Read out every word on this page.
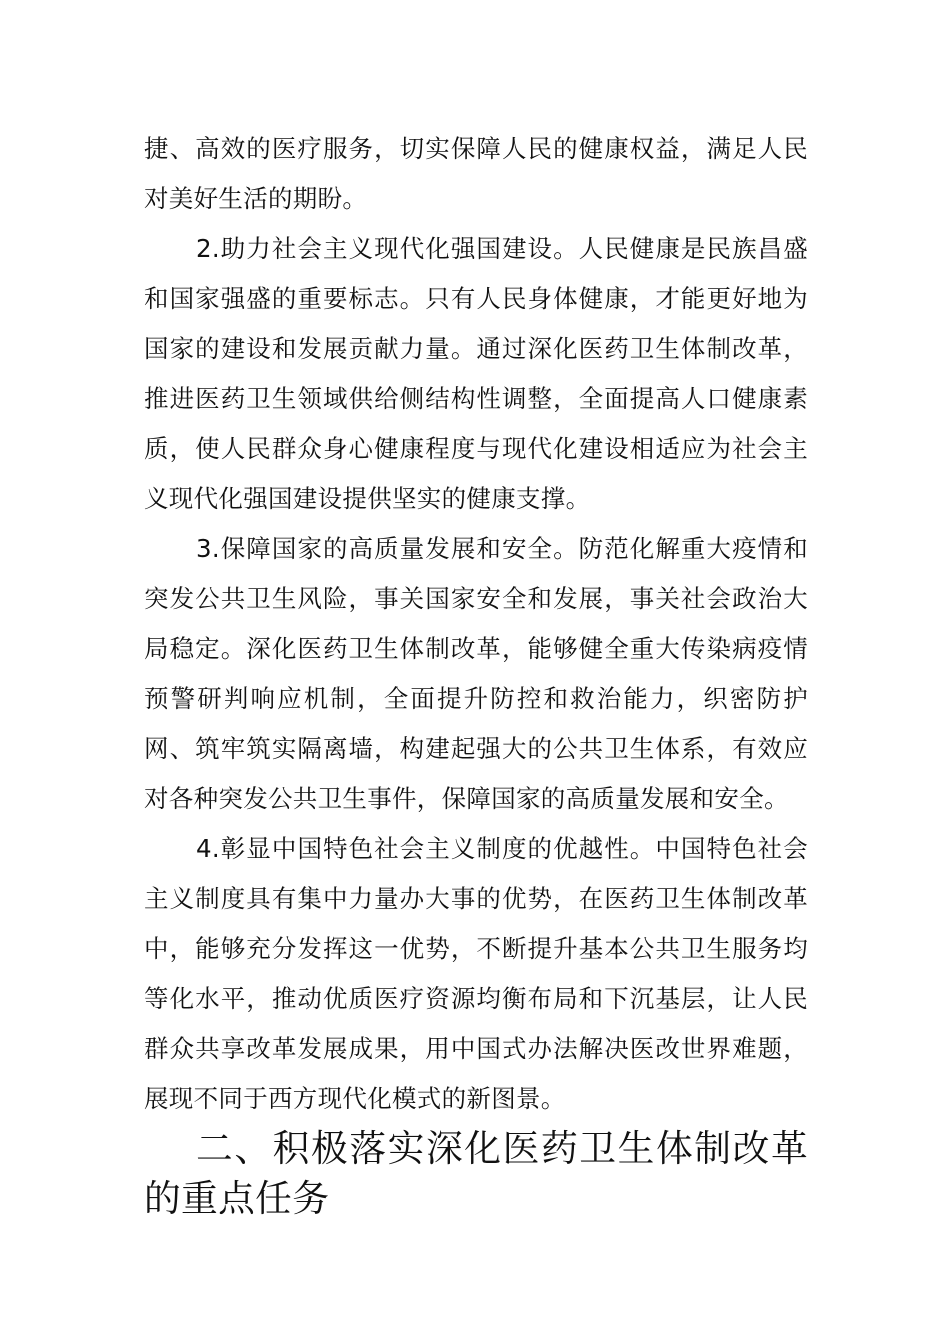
捷、高效的医疗服务，切实保障人民的健康权益，满足人民对美好生活的期盼。

2.助力社会主义现代化强国建设。人民健康是民族昌盛和国家强盛的重要标志。只有人民身体健康，才能更好地为国家的建设和发展贡献力量。通过深化医药卫生体制改革，推进医药卫生领域供给侧结构性调整，全面提高人口健康素质，使人民群众身心健康程度与现代化建设相适应为社会主义现代化强国建设提供坚实的健康支撑。

3.保障国家的高质量发展和安全。防范化解重大疫情和突发公共卫生风险，事关国家安全和发展，事关社会政治大局稳定。深化医药卫生体制改革，能够健全重大传染病疫情预警研判响应机制，全面提升防控和救治能力，织密防护网、筑牢筑实隔离墙，构建起强大的公共卫生体系，有效应对各种突发公共卫生事件，保障国家的高质量发展和安全。

4.彰显中国特色社会主义制度的优越性。中国特色社会主义制度具有集中力量办大事的优势，在医药卫生体制改革中，能够充分发挥这一优势，不断提升基本公共卫生服务均等化水平，推动优质医疗资源均衡布局和下沉基层，让人民群众共享改革发展成果，用中国式办法解决医改世界难题，展现不同于西方现代化模式的新图景。

二、积极落实深化医药卫生体制改革的重点任务
